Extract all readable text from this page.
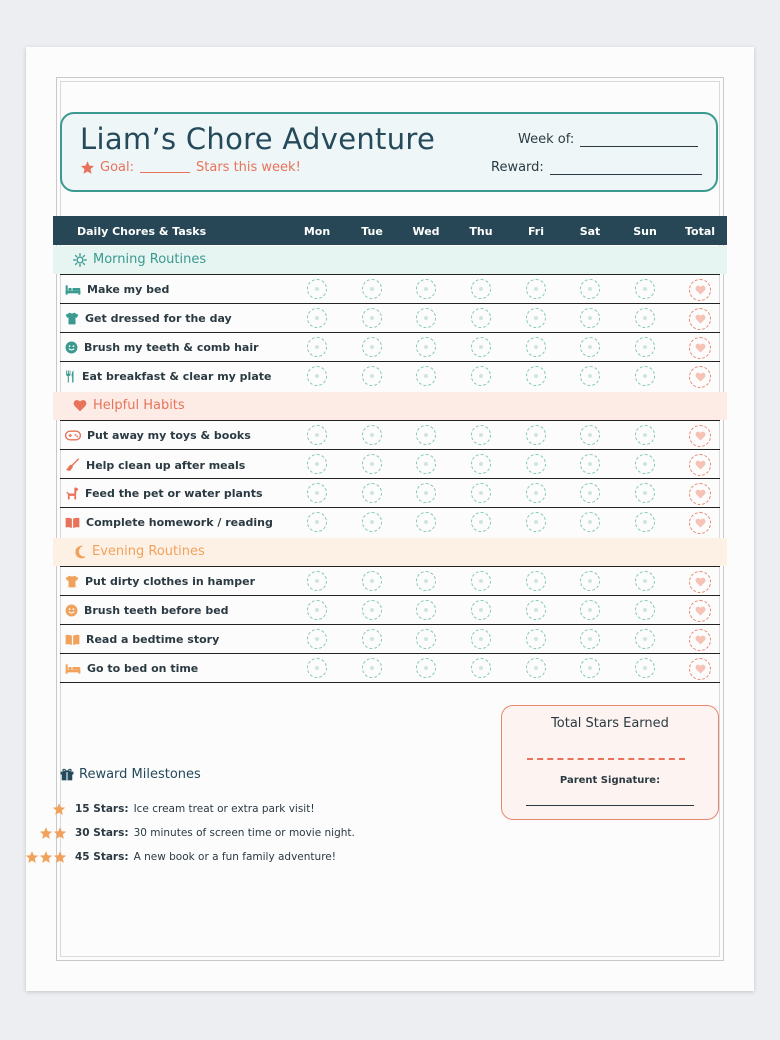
Liam’s Chore Adventure
Goal:	Stars this week!
Week of:
Reward:
Daily Chores & Tasks	Mon	Tue	Wed	Thu	Fri	Sat	Sun	Total
Morning Routines
Make my bed
Get dressed for the day
Brush my teeth & comb hair
Eat breakfast & clear my plate
Helpful Habits
Put away my toys & books
Help clean up after meals
Feed the pet or water plants
Complete homework / reading
Evening Routines
Put dirty clothes in hamper
Brush teeth before bed
Read a bedtime story
Go to bed on time
Total Stars Earned
Parent Signature:
Reward Milestones
15 Stars: Ice cream treat or extra park visit!
30 Stars: 30 minutes of screen time or movie night.
45 Stars: A new book or a fun family adventure!
